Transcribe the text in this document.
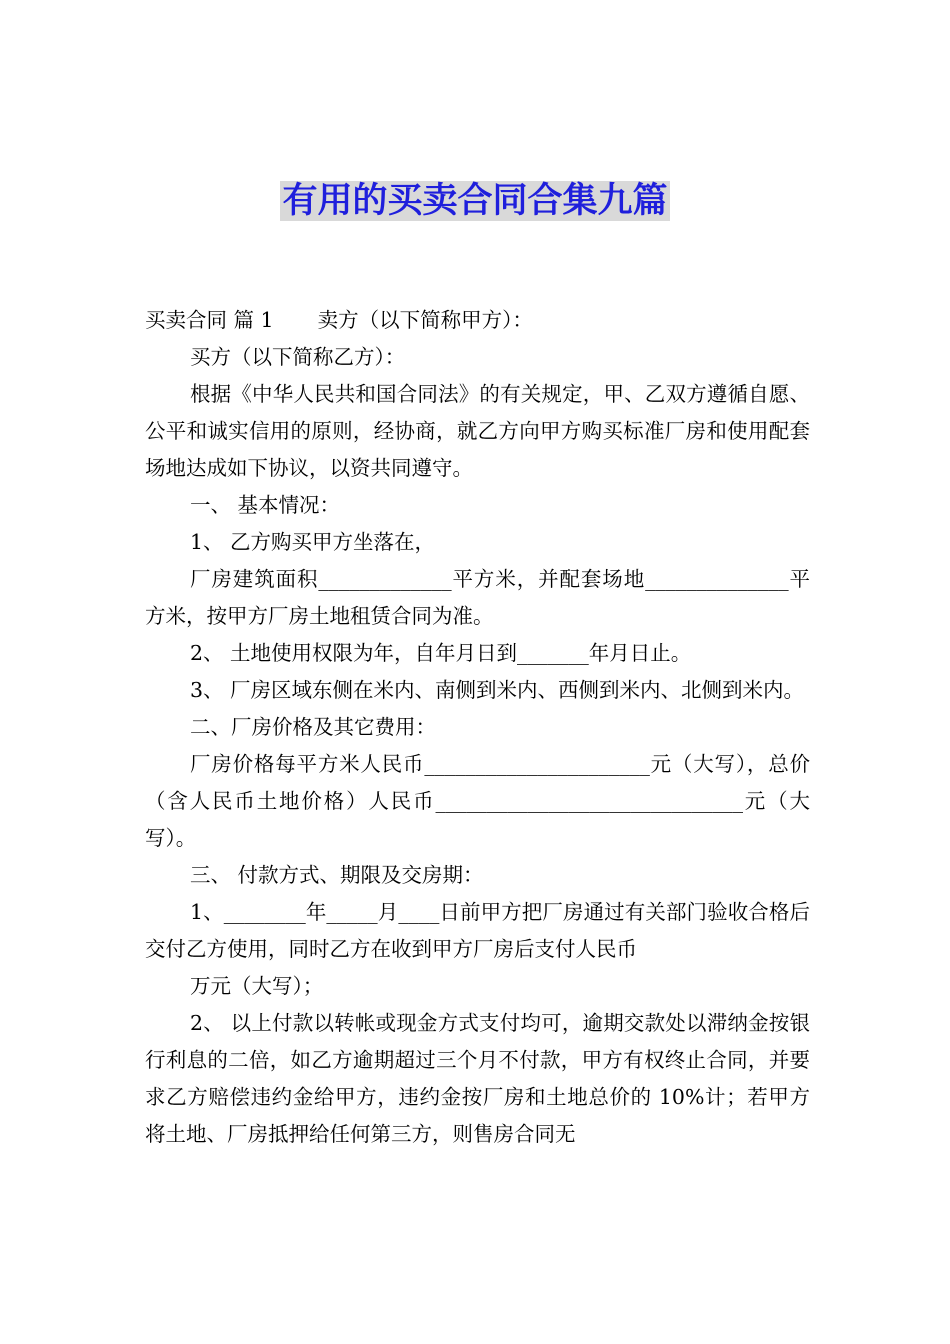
有用的买卖合同合集九篇

买卖合同 篇 1 卖方（以下简称甲方）：

买方（以下简称乙方）：

根据《中华人民共和国合同法》的有关规定，甲、乙双方遵循自愿、公平和诚实信用的原则，经协商，就乙方向甲方购买标准厂房和使用配套场地达成如下协议，以资共同遵守。

一、 基本情况：

1、 乙方购买甲方坐落在，

厂房建筑面积_____________平方米，并配套场地______________平方米，按甲方厂房土地租赁合同为准。

2、 土地使用权限为年，自年月日到_______年月日止。

3、 厂房区域东侧在米内、南侧到米内、西侧到米内、北侧到米内。

二、厂房价格及其它费用：

厂房价格每平方米人民币______________________元（大写），总价（含人民币土地价格）人民币______________________________元（大写）。

三、 付款方式、期限及交房期：

1、________年_____月____日前甲方把厂房通过有关部门验收合格后交付乙方使用，同时乙方在收到甲方厂房后支付人民币

万元（大写）；

2、 以上付款以转帐或现金方式支付均可，逾期交款处以滞纳金按银行利息的二倍，如乙方逾期超过三个月不付款，甲方有权终止合同，并要求乙方赔偿违约金给甲方，违约金按厂房和土地总价的 10%计；若甲方将土地、厂房抵押给任何第三方，则售房合同无
